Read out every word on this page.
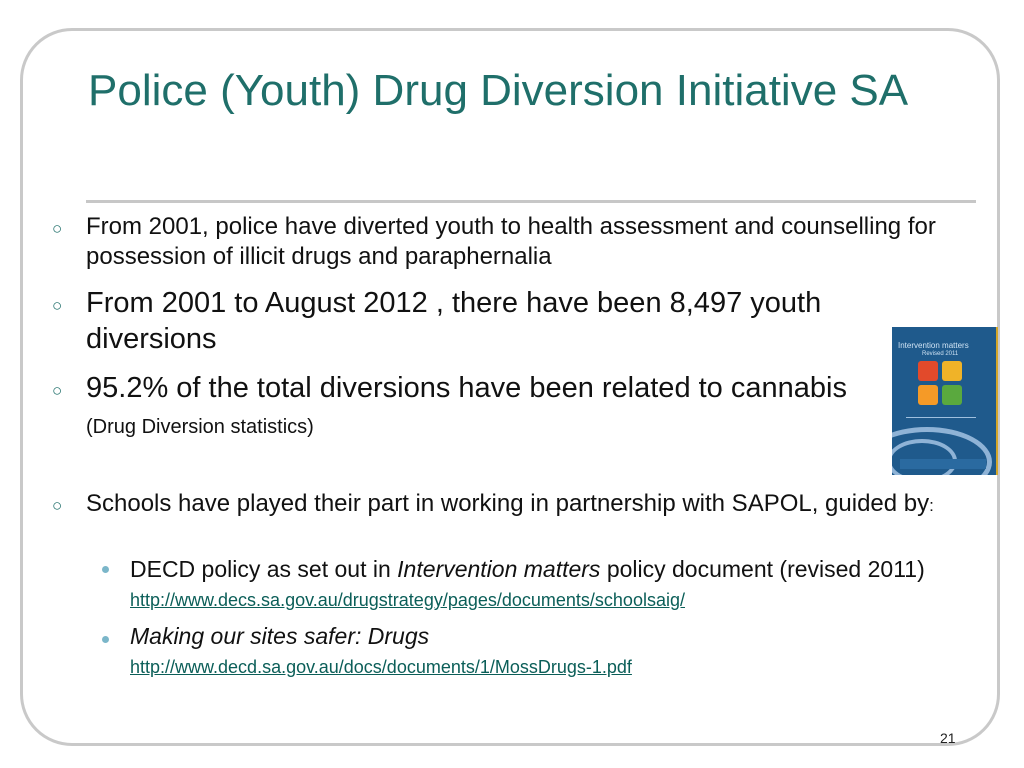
Police (Youth) Drug Diversion Initiative SA
○ From 2001, police have diverted youth to health assessment and counselling for possession of illicit drugs and paraphernalia

○ From 2001 to August 2012 , there have been 8,497 youth diversions

○ 95.2% of the total diversions have been related to cannabis (Drug Diversion statistics)

○ Schools have played their part in working in partnership with SAPOL, guided by:

DECD policy as set out in Intervention matters policy document (revised 2011) http://www.decs.sa.gov.au/drugstrategy/pages/documents/schoolsaig/

Making our sites safer: Drugs
http://www.decd.sa.gov.au/docs/documents/1/MossDrugs-1.pdf

Intervention matters
Revised 2011
21
